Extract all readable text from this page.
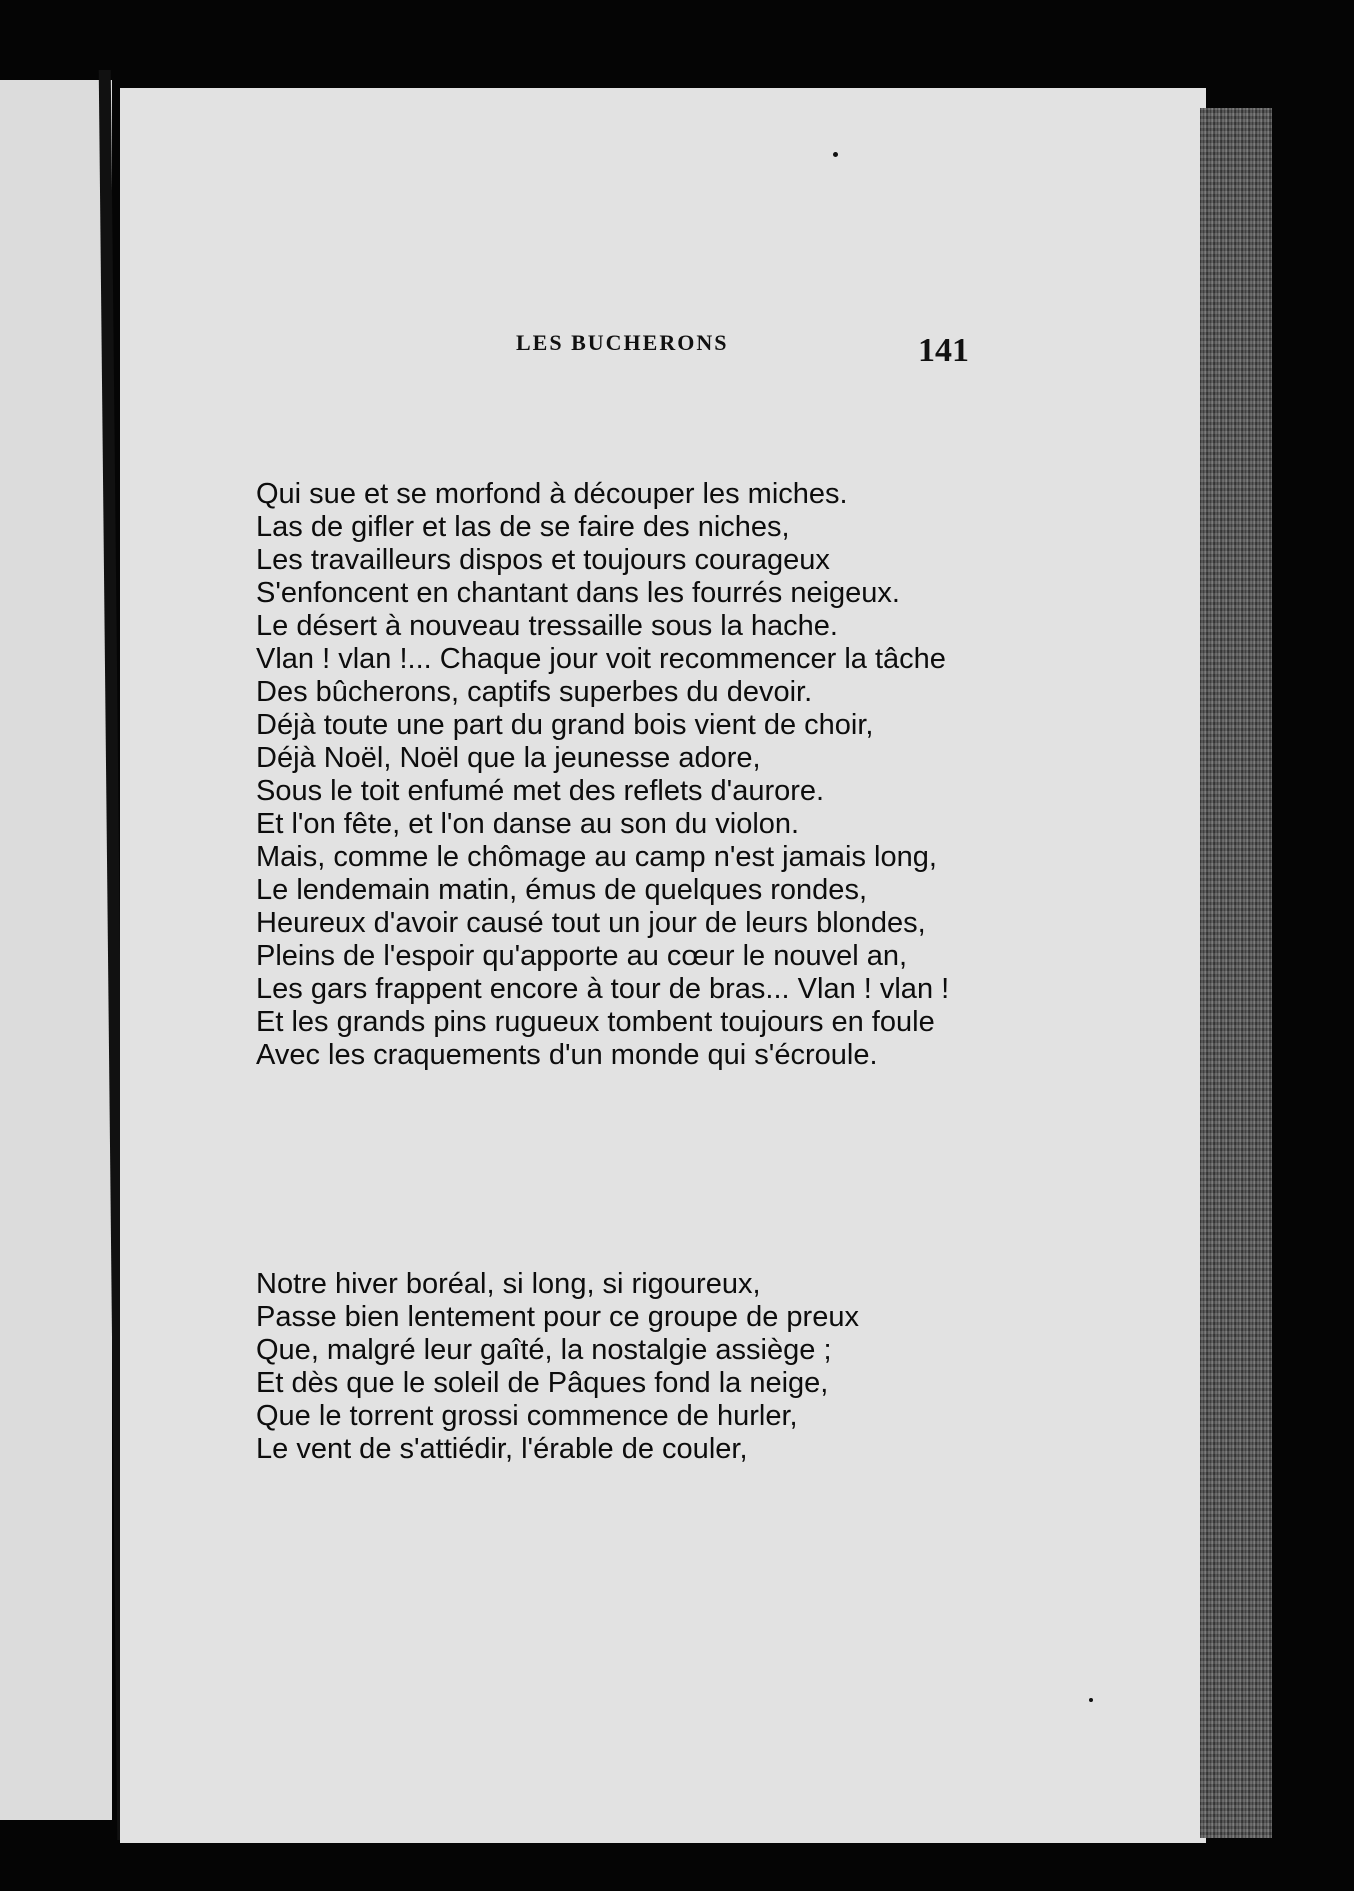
LES BUCHERONS	141
Qui sue et se morfond à découper les miches.
Las de gifler et las de se faire des niches,
Les travailleurs dispos et toujours courageux
S'enfoncent en chantant dans les fourrés neigeux.
Le désert à nouveau tressaille sous la hache.
Vlan ! vlan !... Chaque jour voit recommencer la tâche
Des bûcherons, captifs superbes du devoir.
Déjà toute une part du grand bois vient de choir,
Déjà Noël, Noël que la jeunesse adore,
Sous le toit enfumé met des reflets d'aurore.
Et l'on fête, et l'on danse au son du violon.
Mais, comme le chômage au camp n'est jamais long,
Le lendemain matin, émus de quelques rondes,
Heureux d'avoir causé tout un jour de leurs blondes,
Pleins de l'espoir qu'apporte au cœur le nouvel an,
Les gars frappent encore à tour de bras... Vlan ! vlan !
Et les grands pins rugueux tombent toujours en foule
Avec les craquements d'un monde qui s'écroule.
Notre hiver boréal, si long, si rigoureux,
Passe bien lentement pour ce groupe de preux
Que, malgré leur gaîté, la nostalgie assiège ;
Et dès que le soleil de Pâques fond la neige,
Que le torrent grossi commence de hurler,
Le vent de s'attiédir, l'érable de couler,
